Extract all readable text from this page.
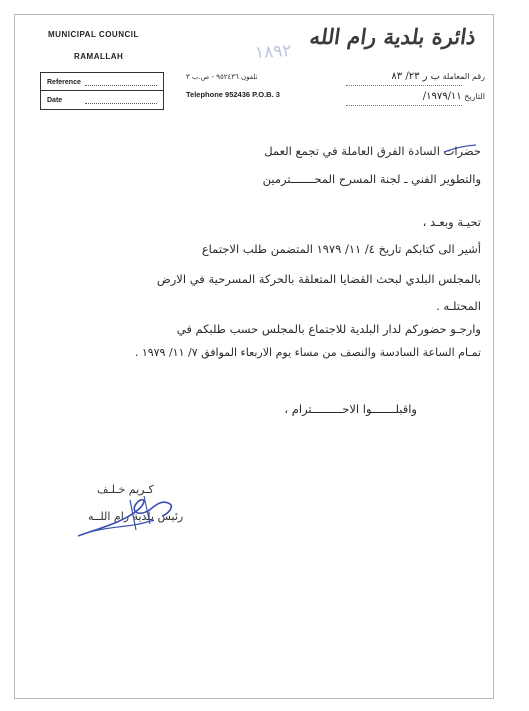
MUNICIPAL COUNCIL
RAMALLAH
ذائرة بلدية رام الله
Reference
Date
١٨٩٢
تلفون ٩٥٢٤٣٦ - ص.ب ٣
Telephone 952436 P.O.B. 3
رقم المعاملة ب ر ٢٣/ ٨٣
التاريخ ١٩٧٩/١١/
حضرات السادة الفرق العاملة في تجمع العمل
والتطوير الفني ـ لجنة المسرح المحـــــــترمين
تحيـة وبعـد ،
أشير الى كتابكم تاريخ ٤/ ١١/ ١٩٧٩ المتضمن طلب الاجتماع
بالمجلس البلدي لبحث القضايا المتعلقة بالحركة المسرحية في الارض
المحتلـه .
وارجـو حضوركم لدار البلدية للاجتماع بالمجلس حسب طلبكم في
تمـام الساعة السادسة والنصف من مساء يوم الاربعاء الموافق ٧/ ١١/ ١٩٧٩ .
واقبلـــــــوا الاحـــــــــترام ،
كـريم خـلـف
رئيس بلدية رام اللــه
